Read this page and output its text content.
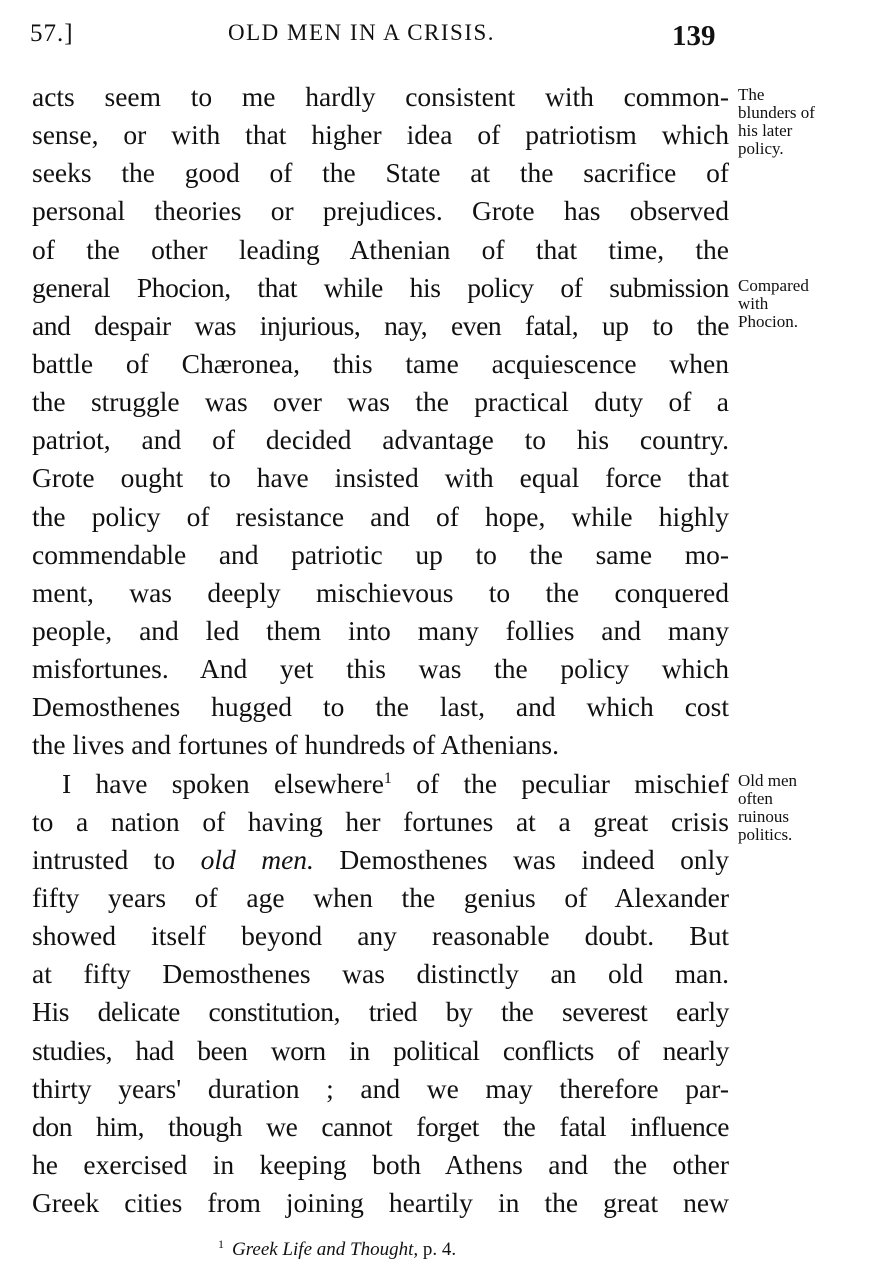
57.]	OLD MEN IN A CRISIS.	139
acts seem to me hardly consistent with common-
sense, or with that higher idea of patriotism which
seeks the good of the State at the sacrifice of
personal theories or prejudices. Grote has observed
of the other leading Athenian of that time, the
general Phocion, that while his policy of submission
and despair was injurious, nay, even fatal, up to the
battle of Chæronea, this tame acquiescence when
the struggle was over was the practical duty of a
patriot, and of decided advantage to his country.
Grote ought to have insisted with equal force that
the policy of resistance and of hope, while highly
commendable and patriotic up to the same mo-
ment, was deeply mischievous to the conquered
people, and led them into many follies and many
misfortunes. And yet this was the policy which
Demosthenes hugged to the last, and which cost
the lives and fortunes of hundreds of Athenians.
I have spoken elsewhere$^1$ of the peculiar mischief
to a nation of having her fortunes at a great crisis
intrusted to old men. Demosthenes was indeed only
fifty years of age when the genius of Alexander
showed itself beyond any reasonable doubt. But
at fifty Demosthenes was distinctly an old man.
His delicate constitution, tried by the severest early
studies, had been worn in political conflicts of nearly
thirty years' duration ; and we may therefore par-
don him, though we cannot forget the fatal influence
he exercised in keeping both Athens and the other
Greek cities from joining heartily in the great new
The
blunders of
his later
policy.
Compared
with
Phocion.
Old men
often
ruinous
politics.
$^1$ Greek Life and Thought, p. 4.
